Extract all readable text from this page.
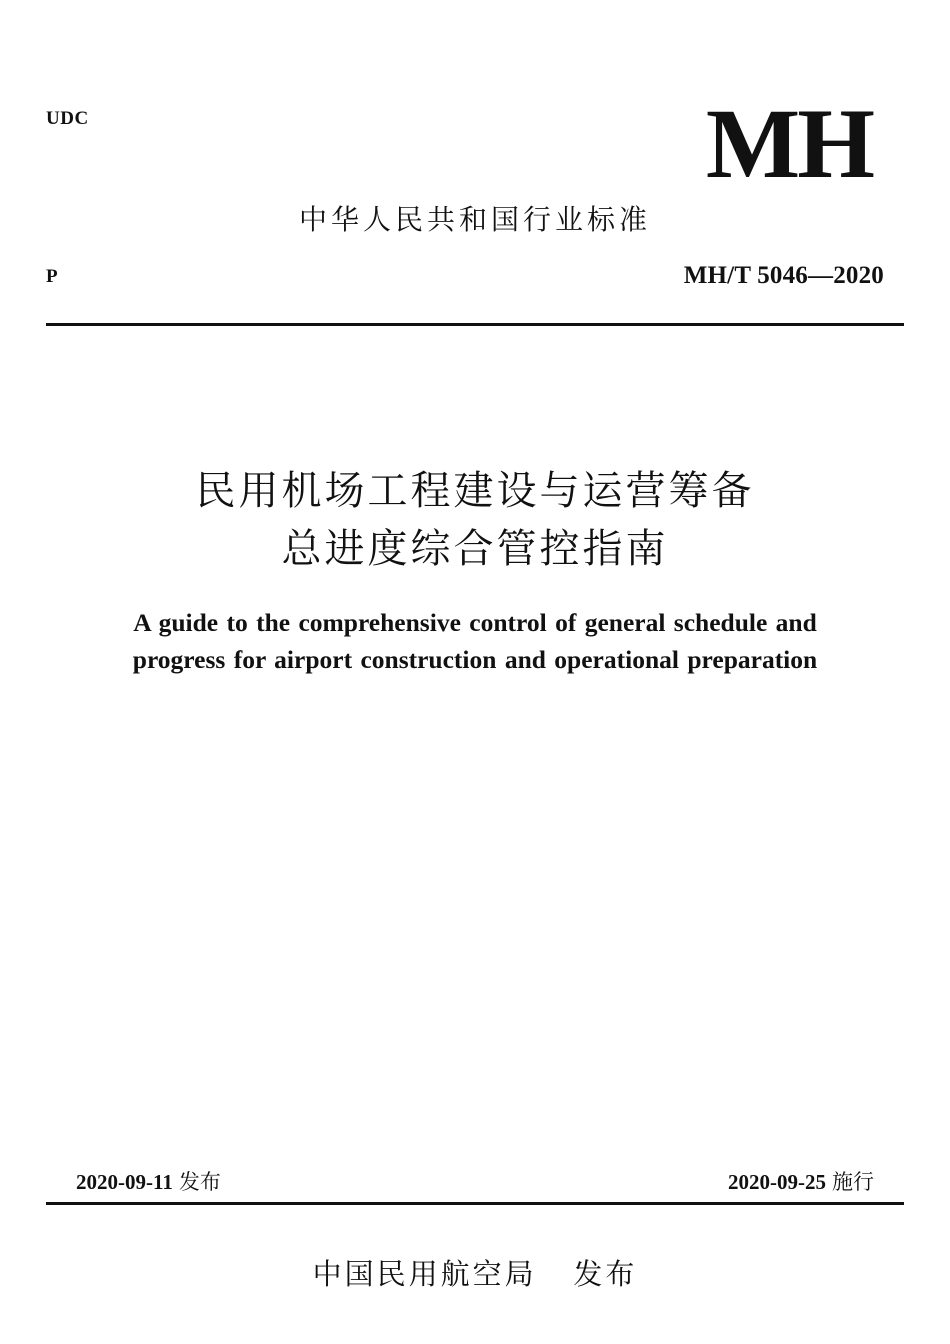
UDC	MH
中华人民共和国行业标准
P	MH/T 5046—2020
民用机场工程建设与运营筹备
总进度综合管控指南
A guide to the comprehensive control of general schedule and
progress for airport construction and operational preparation
2020-09-11 发布	2020-09-25 施行
中国民用航空局 发布
